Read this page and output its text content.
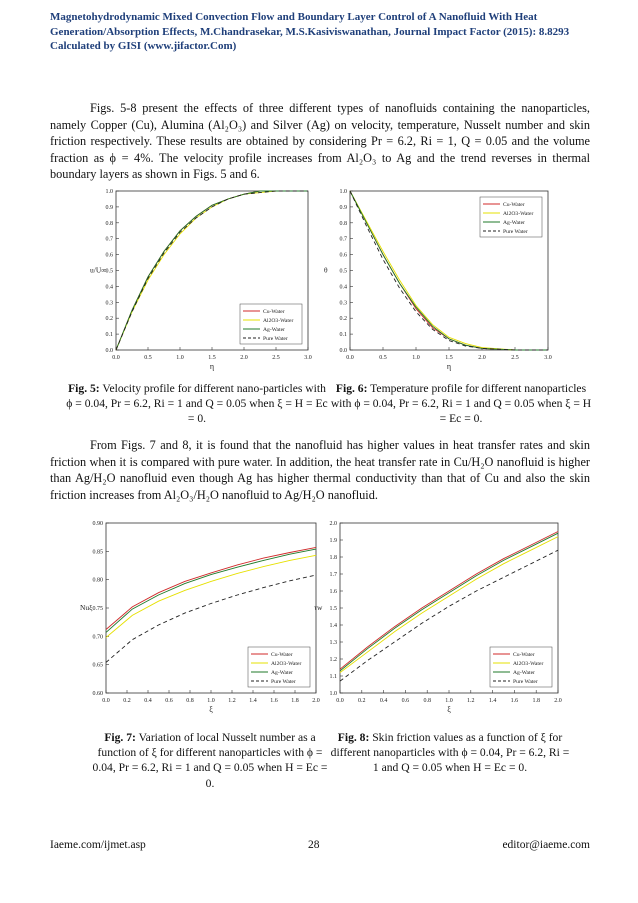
Magnetohydrodynamic Mixed Convection Flow and Boundary Layer Control of A Nanofluid With Heat
Generation/Absorption Effects, M.Chandrasekar, M.S.Kasiviswanathan, Journal Impact Factor (2015): 8.8293
Calculated by GISI (www.jifactor.Com)
Figs. 5-8 present the effects of three different types of nanofluids containing the nanoparticles, namely Copper (Cu), Alumina (Al₂O₃) and Silver (Ag) on velocity, temperature, Nusselt number and skin friction respectively. These results are obtained by considering Pr = 6.2, Ri = 1, Q = 0.05 and the volume fraction as ϕ = 4%. The velocity profile increases from Al₂O₃ to Ag and the trend reverses in thermal boundary layers as shown in Figs. 5 and 6.
0.0	0.5	1.0	1.5	2.0	2.5	3.0
0.0
0.1
0.2
0.3
0.4
0.5
0.6
0.7
0.8
0.9
1.0
η
u/U∞
Cu-Water
Al2O3-Water
Ag-Water
Pure Water
0.0	0.5	1.0	1.5	2.0	2.5	3.0
0.0
0.1
0.2
0.3
0.4
0.5
0.6
0.7
0.8
0.9
1.0
η
θ
Cu-Water
Al2O3-Water
Ag-Water
Pure Water
Fig. 5: Velocity profile for different nano-particles with ϕ = 0.04, Pr = 6.2, Ri = 1 and Q = 0.05 when ξ = H = Ec = 0.
Fig. 6: Temperature profile for different nanoparticles with ϕ = 0.04, Pr = 6.2, Ri = 1 and Q = 0.05 when ξ = H = Ec = 0.
From Figs. 7 and 8, it is found that the nanofluid has higher values in heat transfer rates and skin friction when it is compared with pure water. In addition, the heat transfer rate in Cu/H₂O nanofluid is higher than Ag/H₂O nanofluid even though Ag has higher thermal conductivity than that of Cu and also the skin friction increases from Al₂O₃/H₂O nanofluid to Ag/H₂O nanofluid.
0.0 0.2 0.4 0.6 0.8 1.0 1.2 1.4 1.6 1.8 2.0
0.60
0.65
0.70
0.75
0.80
0.85
0.90
ξ
Nuξ
Cu-Water
Al2O3-Water
Ag-Water
Pure Water
0.0 0.2 0.4 0.6 0.8 1.0 1.2 1.4 1.6 1.8 2.0
1.0
1.1
1.2
1.3
1.4
1.5
1.6
1.7
1.8
1.9
2.0
ξ
τw
Cu-Water
Al2O3-Water
Ag-Water
Pure Water
Fig. 7: Variation of local Nusselt number as a function of ξ for different nanoparticles with ϕ = 0.04, Pr = 6.2, Ri = 1 and Q = 0.05 when H = Ec = 0.
Fig. 8: Skin friction values as a function of ξ for different nanoparticles with ϕ = 0.04, Pr = 6.2, Ri = 1 and Q = 0.05 when H = Ec = 0.
Iaeme.com/ijmet.asp	28	editor@iaeme.com
